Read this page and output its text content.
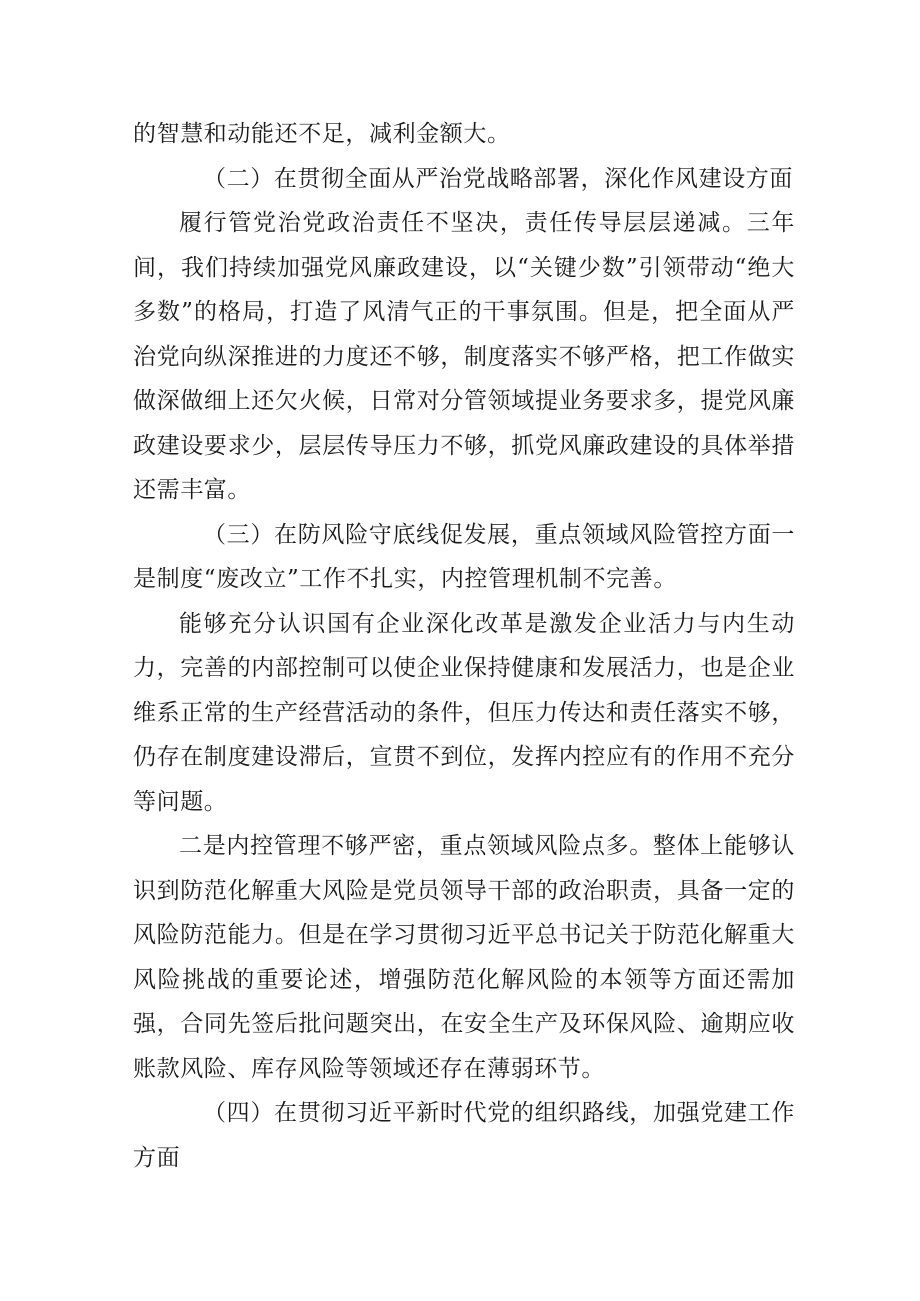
的智慧和动能还不足，减利金额大。

（二）在贯彻全面从严治党战略部署，深化作风建设方面

履行管党治党政治责任不坚决，责任传导层层递减。三年间，我们持续加强党风廉政建设，以“关键少数”引领带动“绝大多数”的格局，打造了风清气正的干事氛围。但是，把全面从严治党向纵深推进的力度还不够，制度落实不够严格，把工作做实做深做细上还欠火候，日常对分管领域提业务要求多，提党风廉政建设要求少，层层传导压力不够，抓党风廉政建设的具体举措还需丰富。

（三）在防风险守底线促发展，重点领域风险管控方面一是制度“废改立”工作不扎实，内控管理机制不完善。

能够充分认识国有企业深化改革是激发企业活力与内生动力，完善的内部控制可以使企业保持健康和发展活力，也是企业维系正常的生产经营活动的条件，但压力传达和责任落实不够，仍存在制度建设滞后，宣贯不到位，发挥内控应有的作用不充分等问题。

二是内控管理不够严密，重点领域风险点多。整体上能够认识到防范化解重大风险是党员领导干部的政治职责，具备一定的风险防范能力。但是在学习贯彻习近平总书记关于防范化解重大风险挑战的重要论述，增强防范化解风险的本领等方面还需加强，合同先签后批问题突出，在安全生产及环保风险、逾期应收账款风险、库存风险等领域还存在薄弱环节。

（四）在贯彻习近平新时代党的组织路线，加强党建工作方面
